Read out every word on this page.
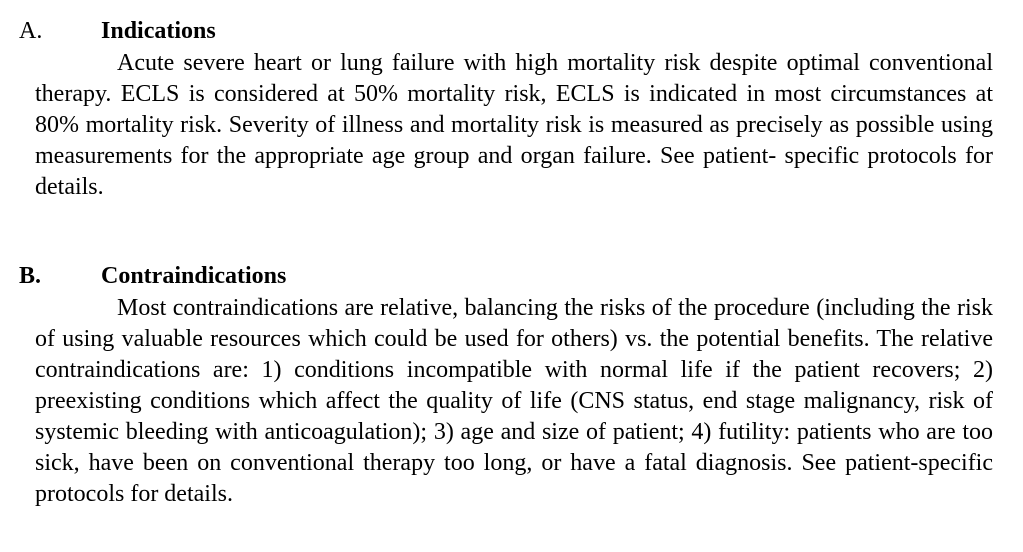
A. Indications

Acute severe heart or lung failure with high mortality risk despite optimal conventional therapy. ECLS is considered at 50% mortality risk, ECLS is indicated in most circumstances at 80% mortality risk. Severity of illness and mortality risk is measured as precisely as possible using measurements for the appropriate age group and organ failure. See patient- specific protocols for details.

B. Contraindications

Most contraindications are relative, balancing the risks of the procedure (including the risk of using valuable resources which could be used for others) vs. the potential benefits. The relative contraindications are: 1) conditions incompatible with normal life if the patient recovers; 2) preexisting conditions which affect the quality of life (CNS status, end stage malignancy, risk of systemic bleeding with anticoagulation); 3) age and size of patient; 4) futility: patients who are too sick, have been on conventional therapy too long, or have a fatal diagnosis. See patient-specific protocols for details.
